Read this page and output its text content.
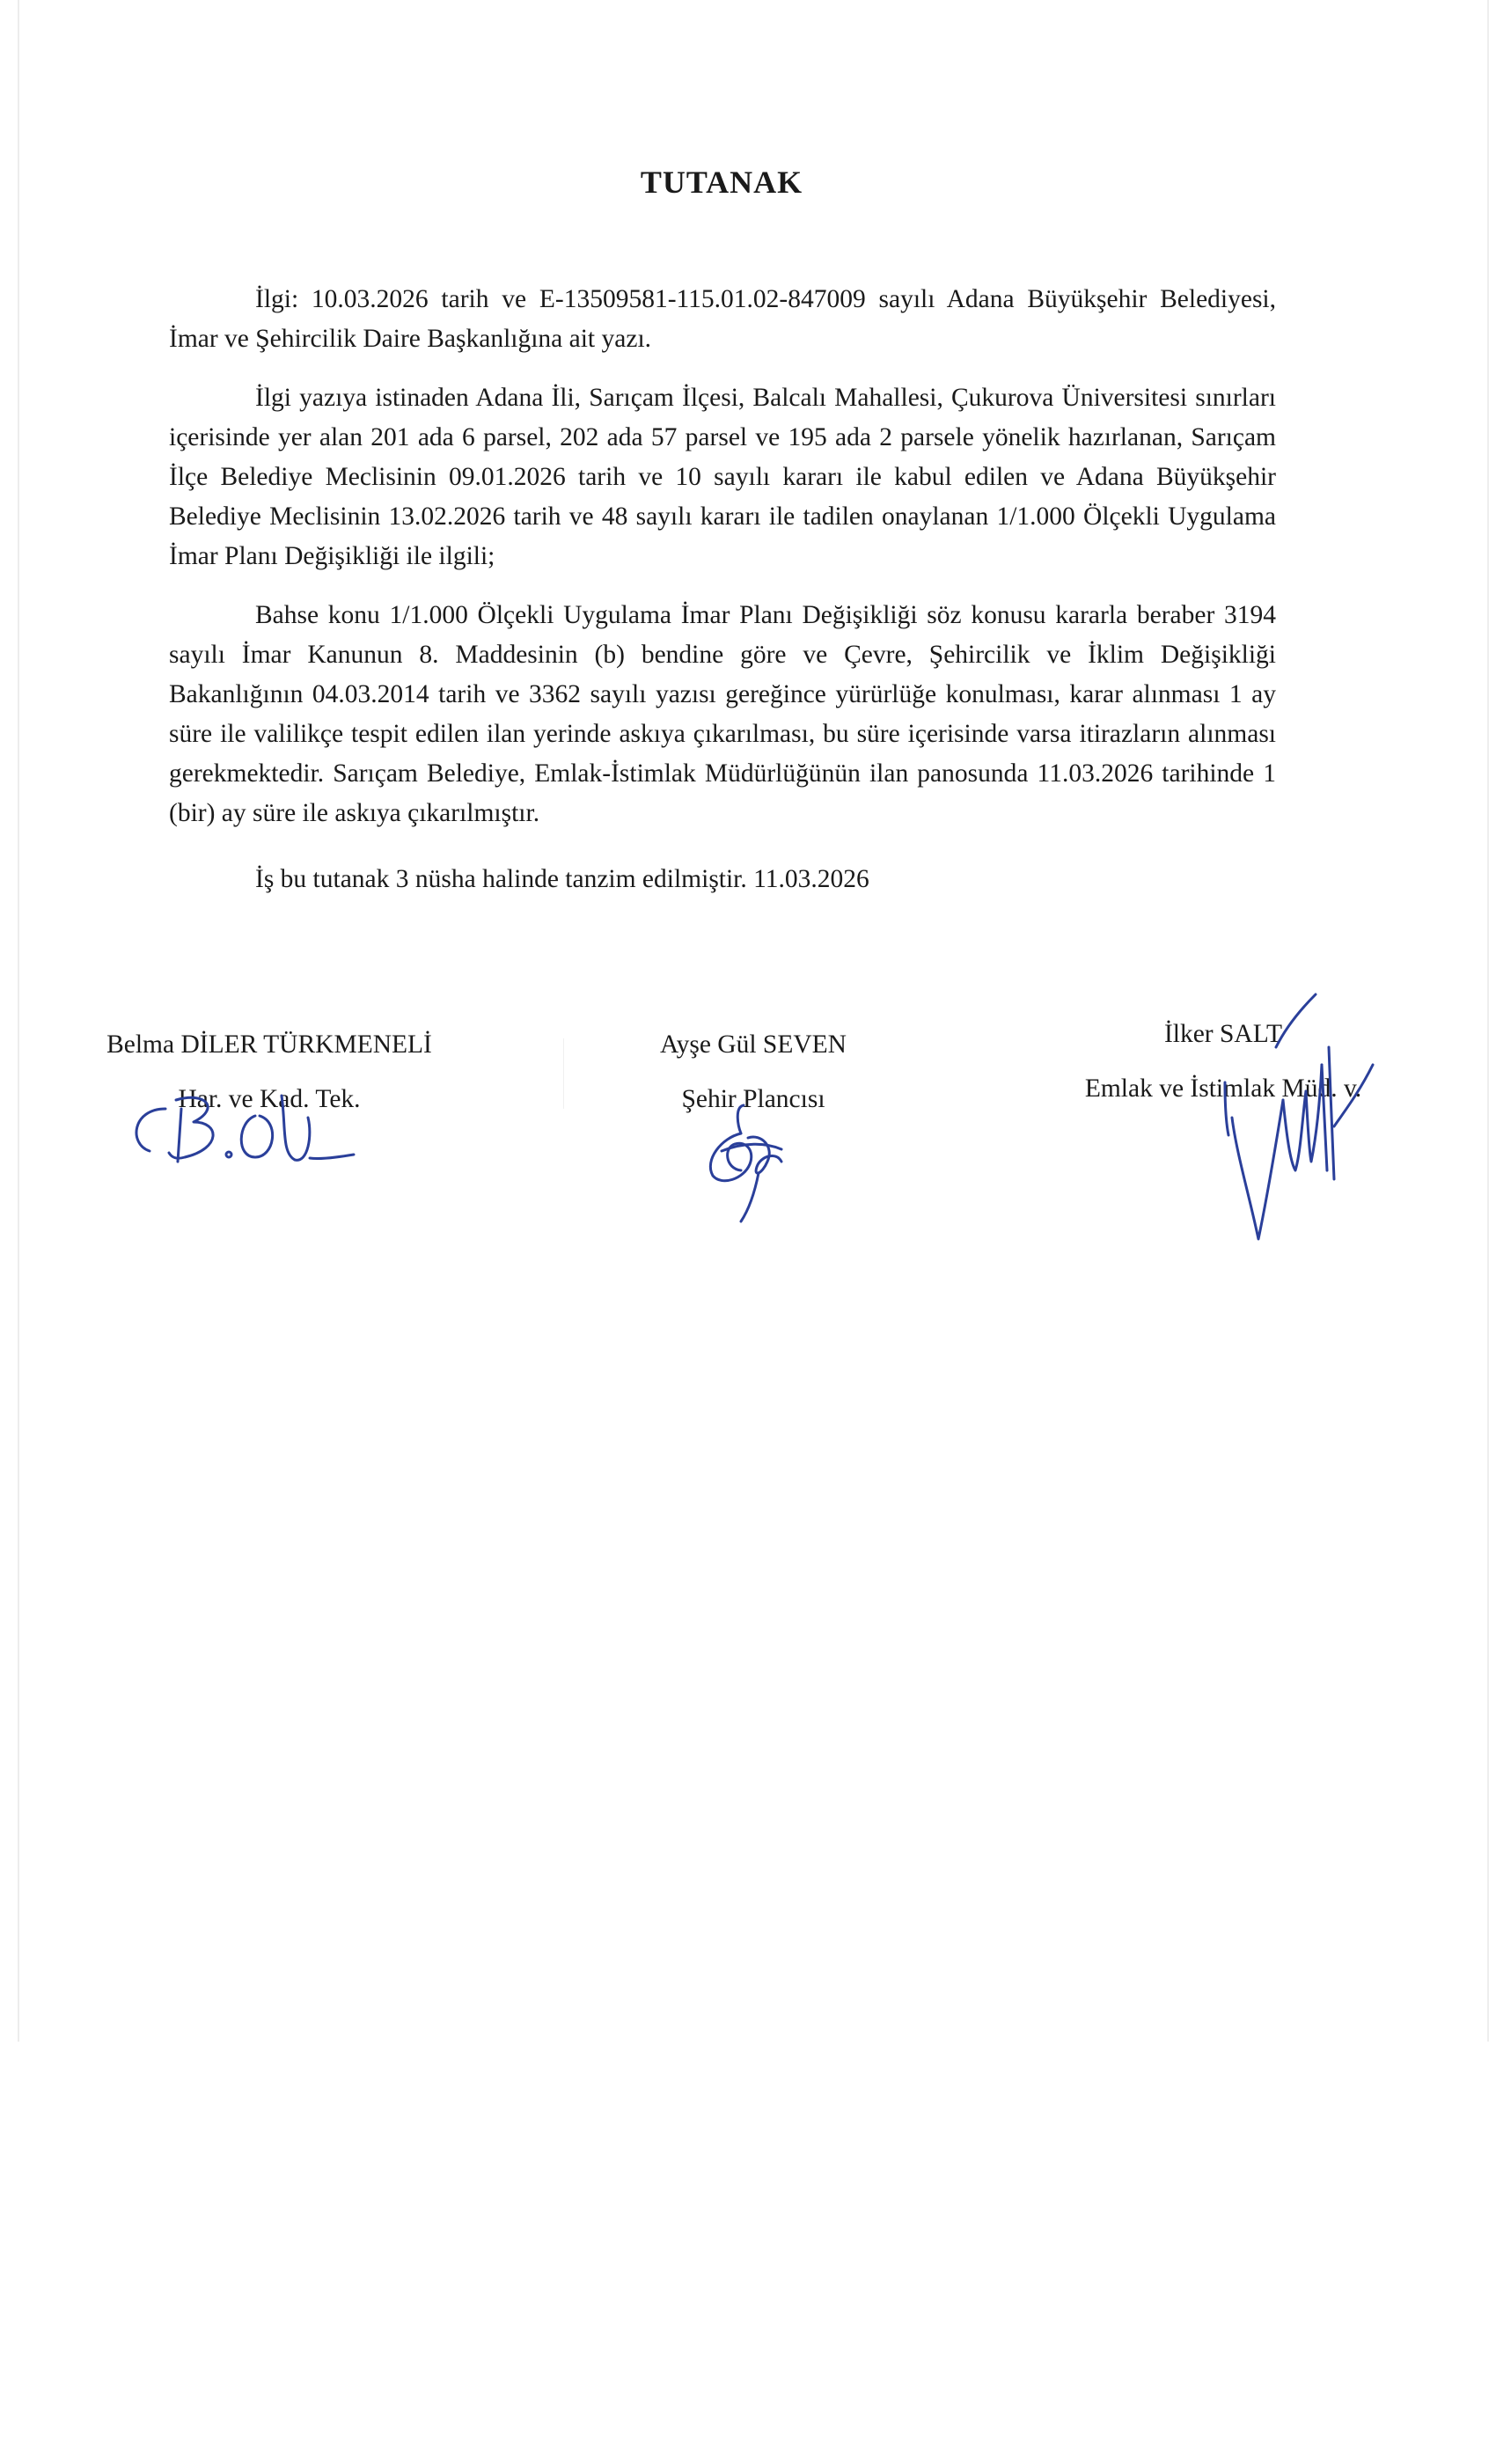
TUTANAK

İlgi: 10.03.2026 tarih ve E-13509581-115.01.02-847009 sayılı Adana Büyükşehir Belediyesi, İmar ve Şehircilik Daire Başkanlığına ait yazı.

İlgi yazıya istinaden Adana İli, Sarıçam İlçesi, Balcalı Mahallesi, Çukurova Üniversitesi sınırları içerisinde yer alan 201 ada 6 parsel, 202 ada 57 parsel ve 195 ada 2 parsele yönelik hazırlanan, Sarıçam İlçe Belediye Meclisinin 09.01.2026 tarih ve 10 sayılı kararı ile kabul edilen ve Adana Büyükşehir Belediye Meclisinin 13.02.2026 tarih ve 48 sayılı kararı ile tadilen onaylanan 1/1.000 Ölçekli Uygulama İmar Planı Değişikliği ile ilgili;

Bahse konu 1/1.000 Ölçekli Uygulama İmar Planı Değişikliği söz konusu kararla beraber 3194 sayılı İmar Kanunun 8. Maddesinin (b) bendine göre ve Çevre, Şehircilik ve İklim Değişikliği Bakanlığının 04.03.2014 tarih ve 3362 sayılı yazısı gereğince yürürlüğe konulması, karar alınması 1 ay süre ile valilikçe tespit edilen ilan yerinde askıya çıkarılması, bu süre içerisinde varsa itirazların alınması gerekmektedir. Sarıçam Belediye, Emlak-İstimlak Müdürlüğünün ilan panosunda 11.03.2026 tarihinde 1 (bir) ay süre ile askıya çıkarılmıştır.

İş bu tutanak 3 nüsha halinde tanzim edilmiştir. 11.03.2026

Belma DİLER TÜRKMENELİ
Har. ve Kad. Tek.
Ayşe Gül SEVEN
Şehir Plancısı
İlker SALT
Emlak ve İstimlak Müd. v.
